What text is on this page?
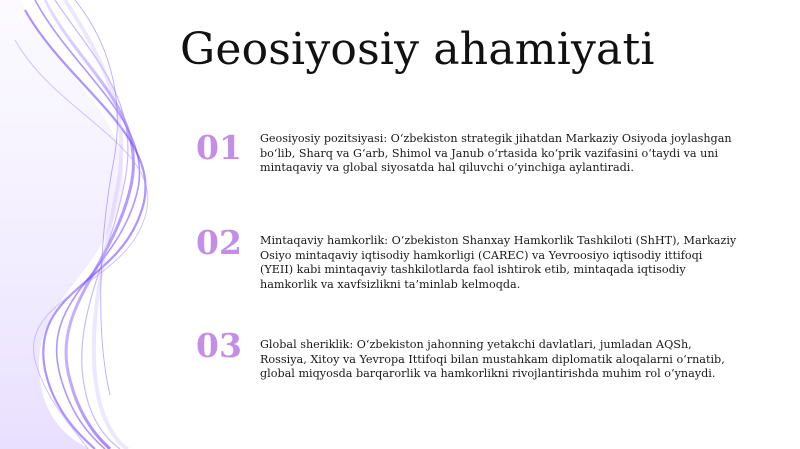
Geosiyosiy ahamiyati
01	Geosiyosiy pozitsiyasi: O‘zbekiston strategik jihatdan Markaziy Osiyoda joylashgan bo‘lib, Sharq va G‘arb, Shimol va Janub o‘rtasida ko‘prik vazifasini o‘taydi va uni mintaqaviy va global siyosatda hal qiluvchi o‘yinchiga aylantiradi.
02	Mintaqaviy hamkorlik: O‘zbekiston Shanxay Hamkorlik Tashkiloti (ShHT), Markaziy Osiyo mintaqaviy iqtisodiy hamkorligi (CAREC) va Yevroosiyo iqtisodiy ittifoqi (YEII) kabi mintaqaviy tashkilotlarda faol ishtirok etib, mintaqada iqtisodiy hamkorlik va xavfsizlikni ta’minlab kelmoqda.
03	Global sheriklik: O‘zbekiston jahonning yetakchi davlatlari, jumladan AQSh, Rossiya, Xitoy va Yevropa Ittifoqi bilan mustahkam diplomatik aloqalarni o‘rnatib, global miqyosda barqarorlik va hamkorlikni rivojlantirishda muhim rol o‘ynaydi.
